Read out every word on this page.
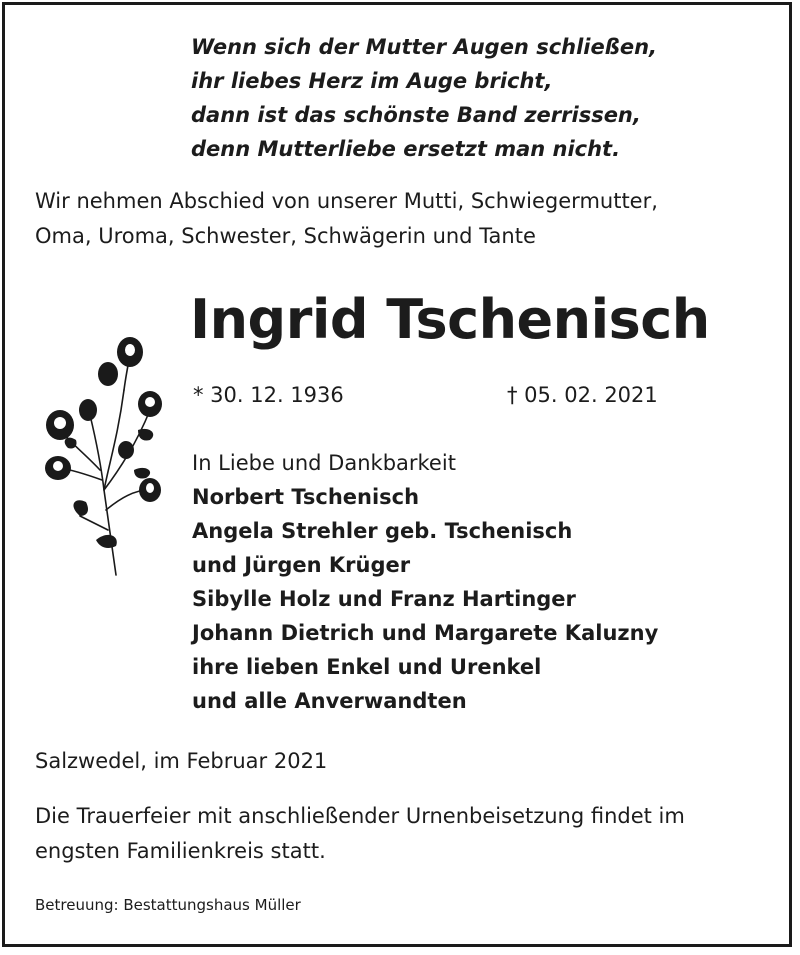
Wenn sich der Mutter Augen schließen,
ihr liebes Herz im Auge bricht,
dann ist das schönste Band zerrissen,
denn Mutterliebe ersetzt man nicht.
Wir nehmen Abschied von unserer Mutti, Schwiegermutter,
Oma, Uroma, Schwester, Schwägerin und Tante
Ingrid Tschenisch
* 30. 12. 1936	† 05. 02. 2021
In Liebe und Dankbarkeit
Norbert Tschenisch
Angela Strehler geb. Tschenisch
und Jürgen Krüger
Sibylle Holz und Franz Hartinger
Johann Dietrich und Margarete Kaluzny
ihre lieben Enkel und Urenkel
und alle Anverwandten
Salzwedel, im Februar 2021
Die Trauerfeier mit anschließender Urnenbeisetzung findet im
engsten Familienkreis statt.
Betreuung: Bestattungshaus Müller
